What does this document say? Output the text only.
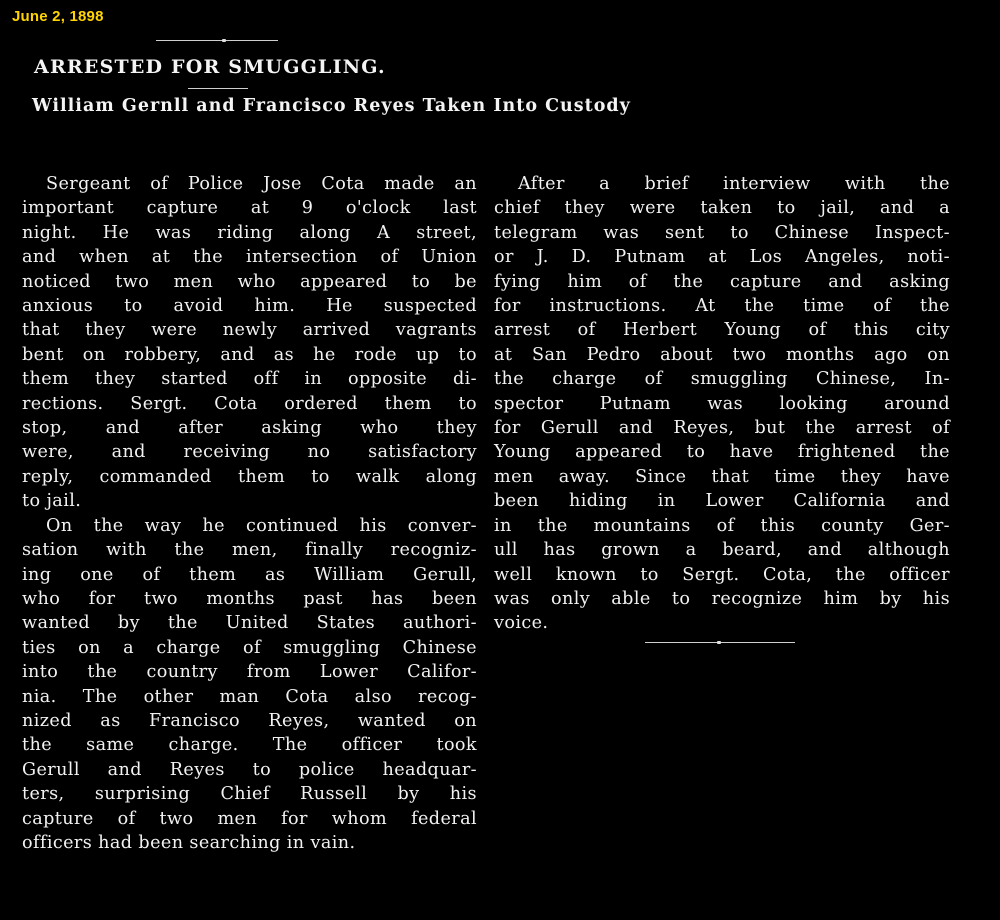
June 2, 1898
ARRESTED FOR SMUGGLING.
William Gernll and Francisco Reyes Taken Into Custody
Sergeant of Police Jose Cota made an
important capture at 9 o'clock last
night. He was riding along A street,
and when at the intersection of Union
noticed two men who appeared to be
anxious to avoid him. He suspected
that they were newly arrived vagrants
bent on robbery, and as he rode up to
them they started off in opposite di-
rections. Sergt. Cota ordered them to
stop, and after asking who they
were, and receiving no satisfactory
reply, commanded them to walk along
to jail.
On the way he continued his conver-
sation with the men, finally recogniz-
ing one of them as William Gerull,
who for two months past has been
wanted by the United States authori-
ties on a charge of smuggling Chinese
into the country from Lower Califor-
nia. The other man Cota also recog-
nized as Francisco Reyes, wanted on
the same charge. The officer took
Gerull and Reyes to police headquar-
ters, surprising Chief Russell by his
capture of two men for whom federal
officers had been searching in vain.
After a brief interview with the
chief they were taken to jail, and a
telegram was sent to Chinese Inspect-
or J. D. Putnam at Los Angeles, noti-
fying him of the capture and asking
for instructions. At the time of the
arrest of Herbert Young of this city
at San Pedro about two months ago on
the charge of smuggling Chinese, In-
spector Putnam was looking around
for Gerull and Reyes, but the arrest of
Young appeared to have frightened the
men away. Since that time they have
been hiding in Lower California and
in the mountains of this county Ger-
ull has grown a beard, and although
well known to Sergt. Cota, the officer
was only able to recognize him by his
voice.
